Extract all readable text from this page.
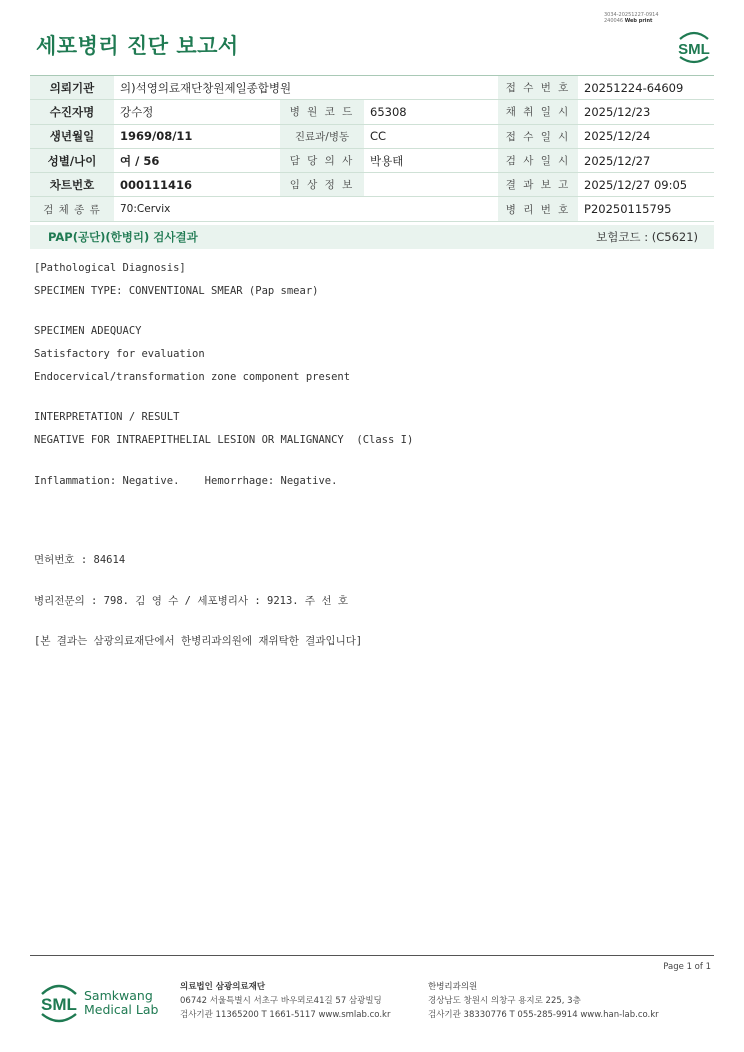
3034-20251227-0914
240046 Web print
세포병리 진단 보고서	SML
의뢰기관	의)석영의료재단창원제일종합병원			접 수 번 호	20251224-64609
수진자명	강수정	병 원 코 드	65308	채 취 일 시	2025/12/23
생년월일	1969/08/11	진료과/병동	CC	접 수 일 시	2025/12/24
성별/나이	여 / 56	담 당 의 사	박용태	검 사 일 시	2025/12/27
차트번호	000111416	임 상 정 보		결 과 보 고	2025/12/27 09:05
검 체 종 류	70:Cervix			병 리 번 호	P20250115795
PAP(공단)(한병리) 검사결과	보험코드 : (C5621)
[Pathological Diagnosis]
SPECIMEN TYPE: CONVENTIONAL SMEAR (Pap smear)
SPECIMEN ADEQUACY
Satisfactory for evaluation
Endocervical/transformation zone component present
INTERPRETATION / RESULT
NEGATIVE FOR INTRAEPITHELIAL LESION OR MALIGNANCY  (Class I)
Inflammation: Negative.    Hemorrhage: Negative.
면허번호 : 84614
병리전문의 : 798. 김 영 수 / 세포병리사 : 9213. 주 선 호
[본 결과는 삼광의료재단에서 한병리과의원에 재위탁한 결과입니다]
Page 1 of 1
SML Samkwang
Medical Lab
의료법인 삼광의료재단
06742 서울특별시 서초구 바우뫼로41길 57 삼광빌딩
검사기관 11365200 T 1661-5117 www.smlab.co.kr
한병리과의원
경상남도 창원시 의창구 용지로 225, 3층
검사기관 38330776 T 055-285-9914 www.han-lab.co.kr
